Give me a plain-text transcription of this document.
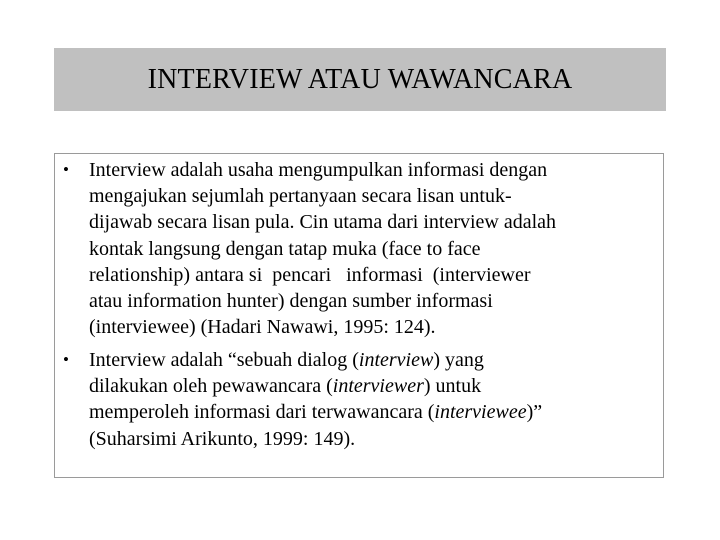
INTERVIEW ATAU WAWANCARA
• Interview adalah usaha mengumpulkan informasi dengan
mengajukan sejumlah pertanyaan secara lisan untuk-
dijawab secara lisan pula. Cin utama dari interview adalah
kontak langsung dengan tatap muka (face to face
relationship) antara si  pencari   informasi  (interviewer
atau information hunter) dengan sumber informasi
(interviewee) (Hadari Nawawi, 1995: 124).
• Interview adalah “sebuah dialog (interview) yang
dilakukan oleh pewawancara (interviewer) untuk
memperoleh informasi dari terwawancara (interviewee)”
(Suharsimi Arikunto, 1999: 149).
